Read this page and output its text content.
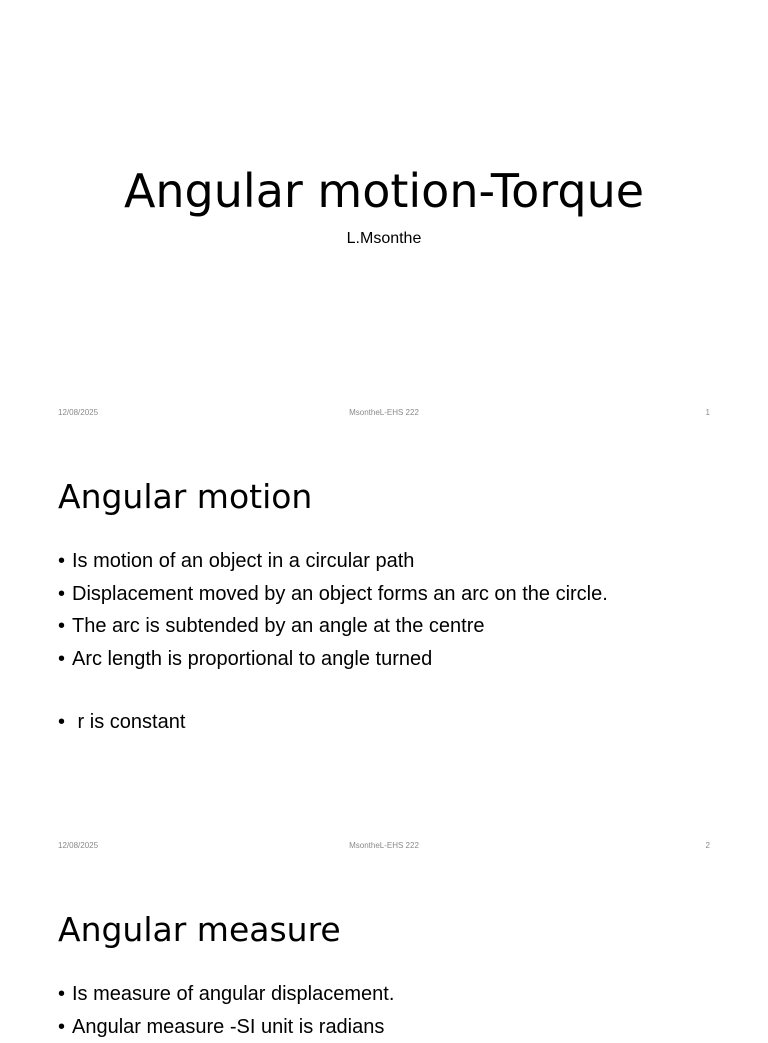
Angular motion-Torque
L.Msonthe
12/08/2025	MsontheL-EHS 222	1
Angular motion
• Is motion of an object in a circular path
• Displacement moved by an object forms an arc on the circle.
• The arc is subtended by an angle at the centre
• Arc length is proportional to angle turned
• r is constant
12/08/2025	MsontheL-EHS 222	2
Angular measure
• Is measure of angular displacement.
• Angular measure -SI unit is radians
